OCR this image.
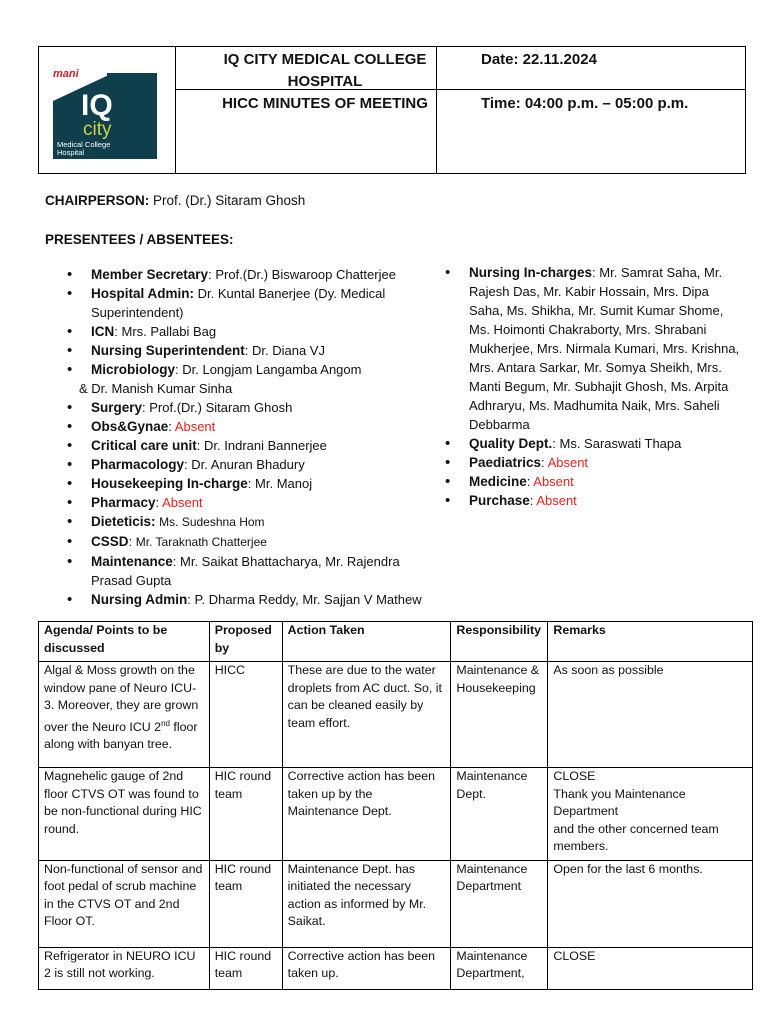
mani
IQ
city
Medical College
Hospital
IQ CITY MEDICAL COLLEGE
HOSPITAL
HICC MINUTES OF MEETING
Date: 22.11.2024
Time: 04:00 p.m. – 05:00 p.m.
CHAIRPERSON: Prof. (Dr.) Sitaram Ghosh
PRESENTEES / ABSENTEES:
• Member Secretary: Prof.(Dr.) Biswaroop Chatterjee
• Hospital Admin: Dr. Kuntal Banerjee (Dy. Medical Superintendent)
• ICN: Mrs. Pallabi Bag
• Nursing Superintendent: Dr. Diana VJ
• Microbiology: Dr. Longjam Langamba Angom
& Dr. Manish Kumar Sinha
• Surgery: Prof.(Dr.) Sitaram Ghosh
• Obs&Gynae: Absent
• Critical care unit: Dr. Indrani Bannerjee
• Pharmacology: Dr. Anuran Bhadury
• Housekeeping In-charge: Mr. Manoj
• Pharmacy: Absent
• Dieteticis: Ms. Sudeshna Hom
• CSSD: Mr. Taraknath Chatterjee
• Maintenance: Mr. Saikat Bhattacharya, Mr. Rajendra Prasad Gupta
• Nursing Admin: P. Dharma Reddy, Mr. Sajjan V Mathew
• Nursing In-charges: Mr. Samrat Saha, Mr. Rajesh Das, Mr. Kabir Hossain, Mrs. Dipa Saha, Ms. Shikha, Mr. Sumit Kumar Shome, Ms. Hoimonti Chakraborty, Mrs. Shrabani Mukherjee, Mrs. Nirmala Kumari, Mrs. Krishna, Mrs. Antara Sarkar, Mr. Somya Sheikh, Mrs. Manti Begum, Mr. Subhajit Ghosh, Ms. Arpita Adhraryu, Ms. Madhumita Naik, Mrs. Saheli Debbarma
• Quality Dept.: Ms. Saraswati Thapa
• Paediatrics: Absent
• Medicine: Absent
• Purchase: Absent
Agenda/ Points to be discussed	Proposed by	Action Taken	Responsibility	Remarks
Algal & Moss growth on the window pane of Neuro ICU-3. Moreover, they are grown over the Neuro ICU 2nd floor along with banyan tree.	HICC	These are due to the water droplets from AC duct. So, it can be cleaned easily by team effort.	Maintenance & Housekeeping	As soon as possible

Magnehelic gauge of 2nd floor CTVS OT was found to be non-functional during HIC round.	HIC round team	Corrective action has been taken up by the Maintenance Dept.	Maintenance Dept.	CLOSE
Thank you Maintenance Department
and the other concerned team members.

Non-functional of sensor and foot pedal of scrub machine in the CTVS OT and 2nd Floor OT.	HIC round team	Maintenance Dept. has initiated the necessary action as informed by Mr. Saikat.	Maintenance Department	Open for the last 6 months.

Refrigerator in NEURO ICU 2 is still not working.	HIC round team	Corrective action has been taken up.	Maintenance Department,	CLOSE
